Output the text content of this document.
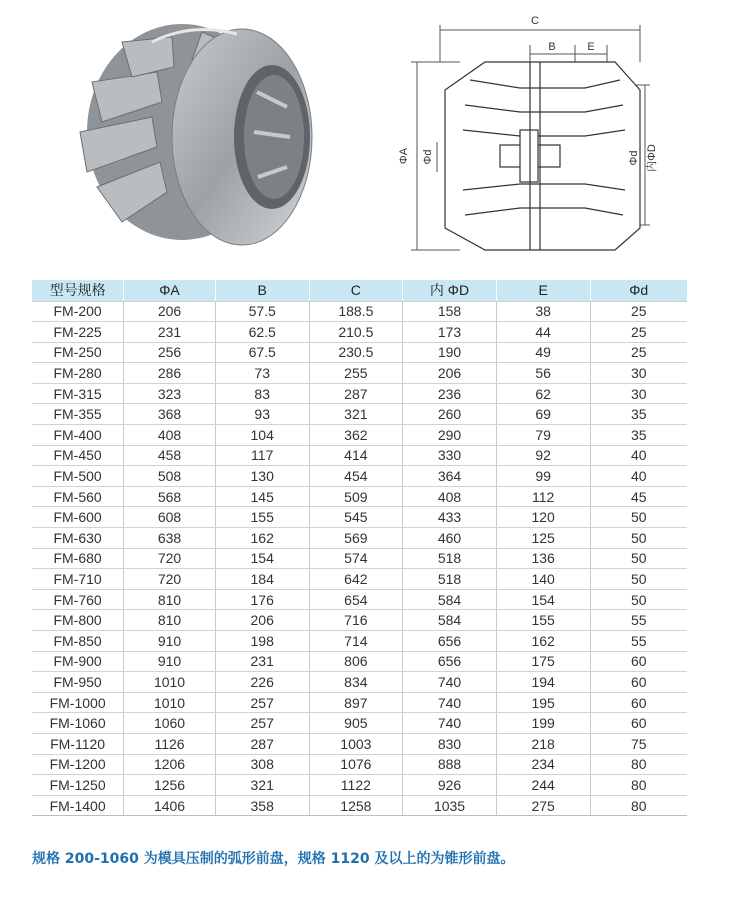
C
B	E
ΦA Φd	Φd 内ΦD
型号规格	ΦA	B	C	内 ΦD	E	Φd
FM-200	206	57.5	188.5	158	38	25
FM-225	231	62.5	210.5	173	44	25
FM-250	256	67.5	230.5	190	49	25
FM-280	286	73	255	206	56	30
FM-315	323	83	287	236	62	30
FM-355	368	93	321	260	69	35
FM-400	408	104	362	290	79	35
FM-450	458	117	414	330	92	40
FM-500	508	130	454	364	99	40
FM-560	568	145	509	408	112	45
FM-600	608	155	545	433	120	50
FM-630	638	162	569	460	125	50
FM-680	720	154	574	518	136	50
FM-710	720	184	642	518	140	50
FM-760	810	176	654	584	154	50
FM-800	810	206	716	584	155	55
FM-850	910	198	714	656	162	55
FM-900	910	231	806	656	175	60
FM-950	1010	226	834	740	194	60
FM-1000	1010	257	897	740	195	60
FM-1060	1060	257	905	740	199	60
FM-1120	1126	287	1003	830	218	75
FM-1200	1206	308	1076	888	234	80
FM-1250	1256	321	1122	926	244	80
FM-1400	1406	358	1258	1035	275	80
规格 200-1060 为模具压制的弧形前盘，规格 1120 及以上的为锥形前盘。
